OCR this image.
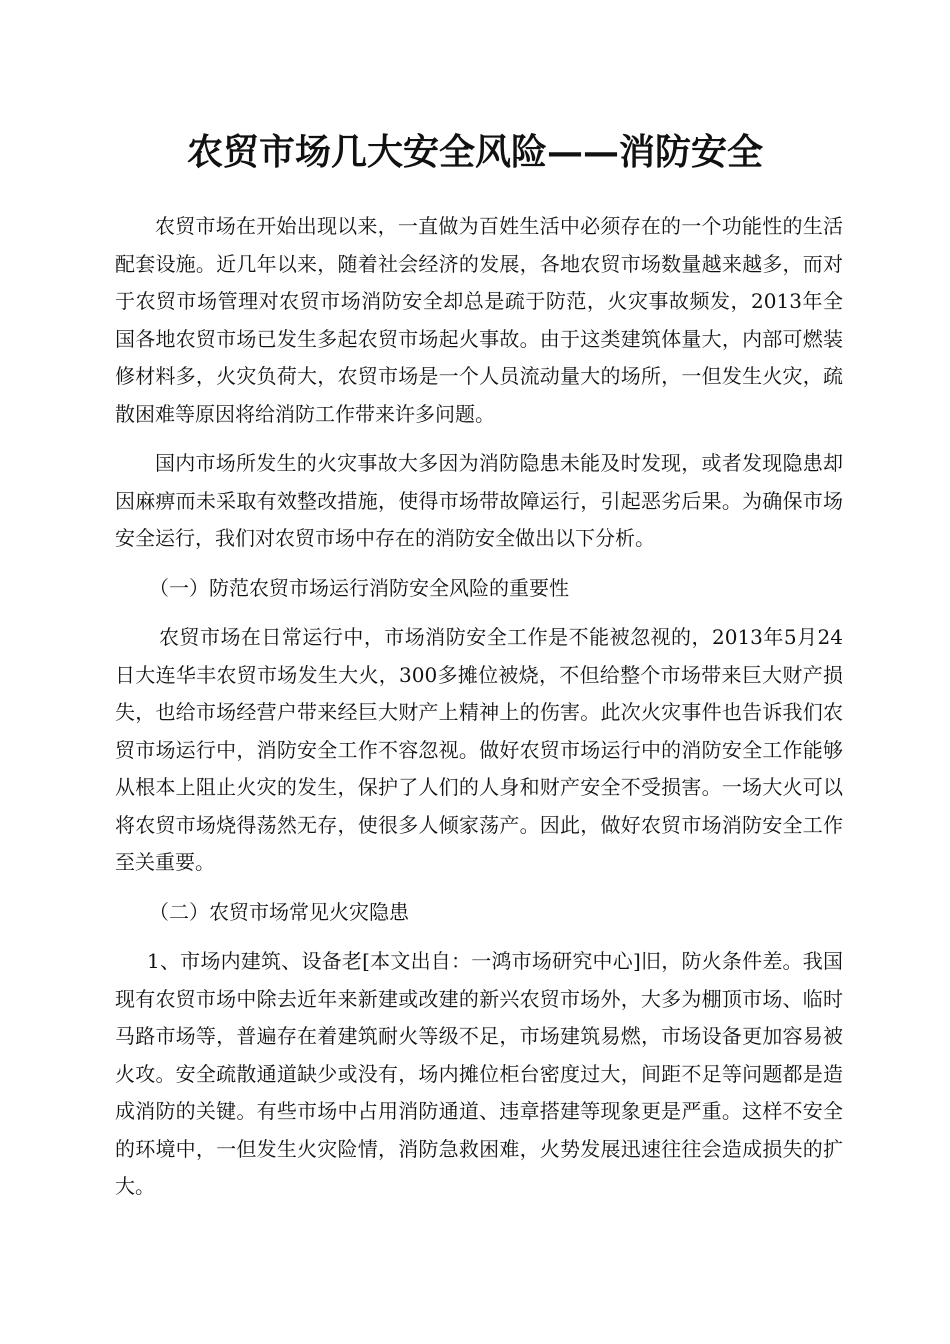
农贸市场几大安全风险——消防安全

农贸市场在开始出现以来，一直做为百姓生活中必须存在的一个功能性的生活配套设施。近几年以来，随着社会经济的发展，各地农贸市场数量越来越多，而对于农贸市场管理对农贸市场消防安全却总是疏于防范，火灾事故频发，2013年全国各地农贸市场已发生多起农贸市场起火事故。由于这类建筑体量大，内部可燃装修材料多，火灾负荷大，农贸市场是一个人员流动量大的场所，一但发生火灾，疏散困难等原因将给消防工作带来许多问题。

国内市场所发生的火灾事故大多因为消防隐患未能及时发现，或者发现隐患却因麻痹而未采取有效整改措施，使得市场带故障运行，引起恶劣后果。为确保市场安全运行，我们对农贸市场中存在的消防安全做出以下分析。

（一）防范农贸市场运行消防安全风险的重要性

农贸市场在日常运行中，市场消防安全工作是不能被忽视的，2013年5月24日大连华丰农贸市场发生大火，300多摊位被烧，不但给整个市场带来巨大财产损失，也给市场经营户带来经巨大财产上精神上的伤害。此次火灾事件也告诉我们农贸市场运行中，消防安全工作不容忽视。做好农贸市场运行中的消防安全工作能够从根本上阻止火灾的发生，保护了人们的人身和财产安全不受损害。一场大火可以将农贸市场烧得荡然无存，使很多人倾家荡产。因此，做好农贸市场消防安全工作至关重要。

（二）农贸市场常见火灾隐患

1、市场内建筑、设备老[本文出自：一鸿市场研究中心]旧，防火条件差。我国现有农贸市场中除去近年来新建或改建的新兴农贸市场外，大多为棚顶市场、临时马路市场等，普遍存在着建筑耐火等级不足，市场建筑易燃，市场设备更加容易被火攻。安全疏散通道缺少或没有，场内摊位柜台密度过大，间距不足等问题都是造成消防的关键。有些市场中占用消防通道、违章搭建等现象更是严重。这样不安全的环境中，一但发生火灾险情，消防急救困难，火势发展迅速往往会造成损失的扩大。
